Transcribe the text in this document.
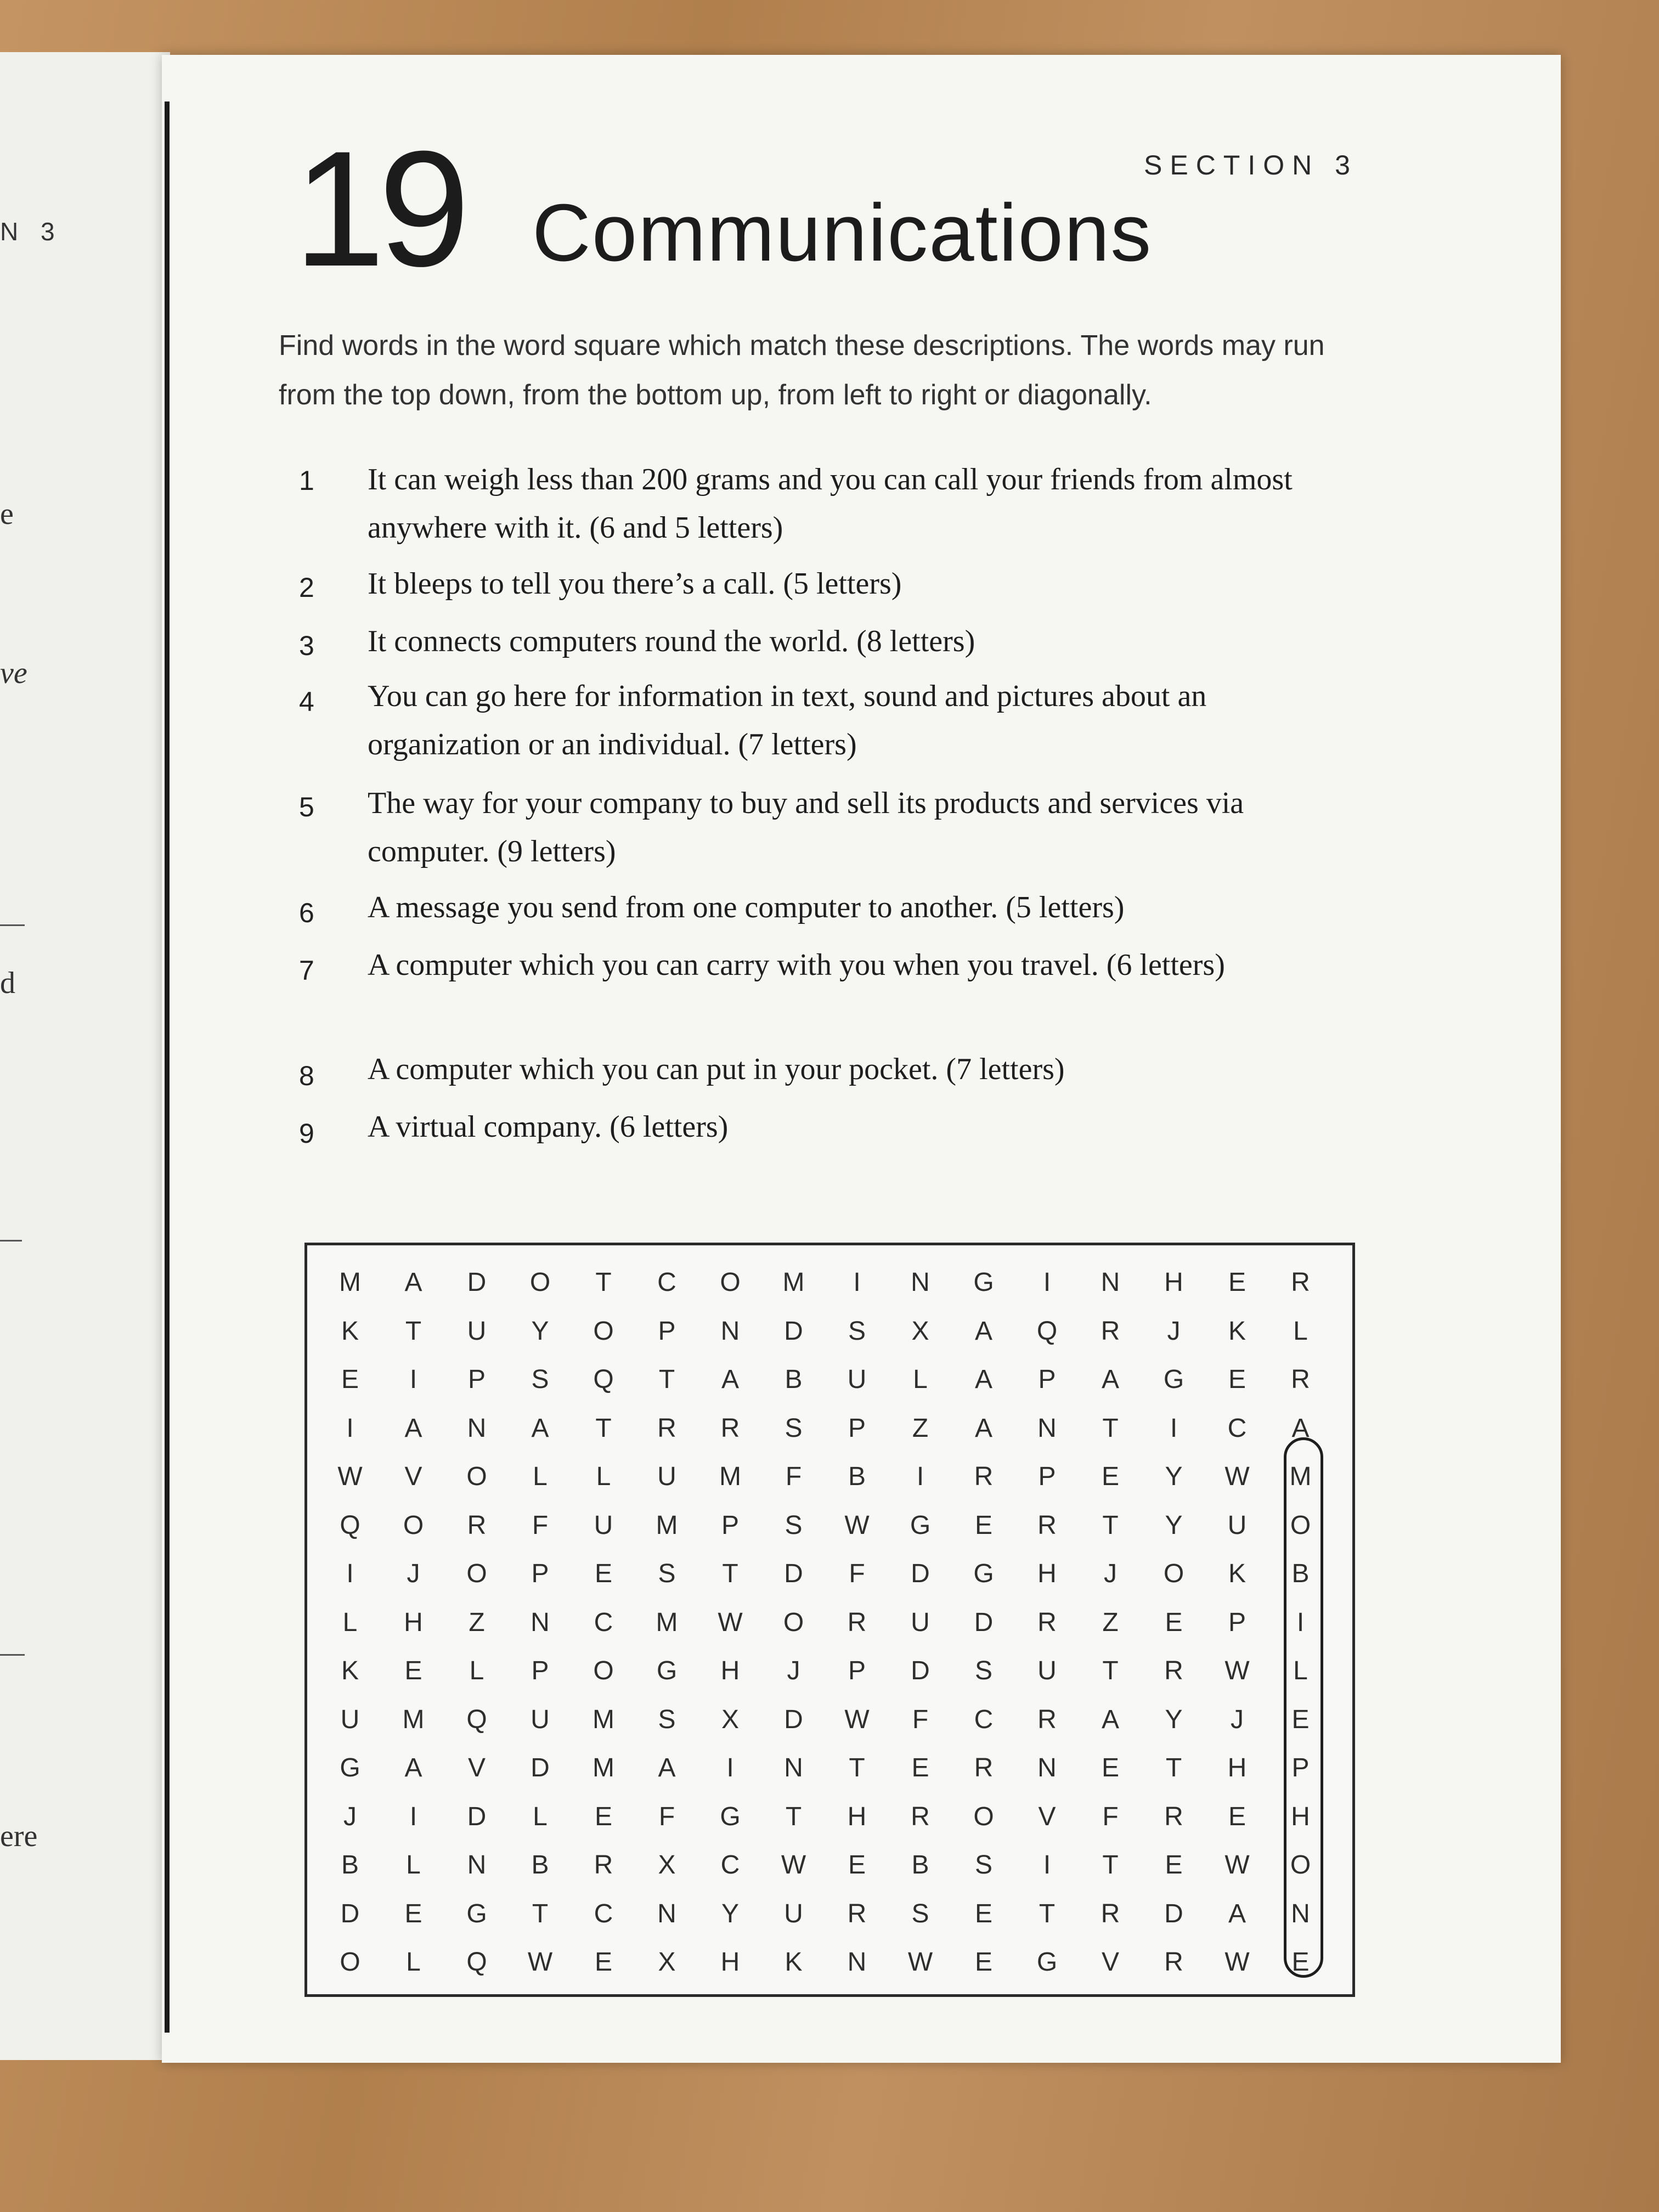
N 3
e
ve
d
ere
SECTION 3
19 Communications
Find words in the word square which match these descriptions. The words may run from the top down, from the bottom up, from left to right or diagonally.
1 It can weigh less than 200 grams and you can call your friends from almost anywhere with it. (6 and 5 letters)
2 It bleeps to tell you there’s a call. (5 letters)
3 It connects computers round the world. (8 letters)
4 You can go here for information in text, sound and pictures about an organization or an individual. (7 letters)
5 The way for your company to buy and sell its products and services via computer. (9 letters)
6 A message you send from one computer to another. (5 letters)
7 A computer which you can carry with you when you travel. (6 letters)
8 A computer which you can put in your pocket. (7 letters)
9 A virtual company. (6 letters)
M	A	D	O	T	C	O	M	I	N	G	I	N	H	E	R
K	T	U	Y	O	P	N	D	S	X	A	Q	R	J	K	L
E	I	P	S	Q	T	A	B	U	L	A	P	A	G	E	R
I	A	N	A	T	R	R	S	P	Z	A	N	T	I	C	A
W	V	O	L	L	U	M	F	B	I	R	P	E	Y	W	M
Q	O	R	F	U	M	P	S	W	G	E	R	T	Y	U	O
I	J	O	P	E	S	T	D	F	D	G	H	J	O	K	B
L	H	Z	N	C	M	W	O	R	U	D	R	Z	E	P	I
K	E	L	P	O	G	H	J	P	D	S	U	T	R	W	L
U	M	Q	U	M	S	X	D	W	F	C	R	A	Y	J	E
G	A	V	D	M	A	I	N	T	E	R	N	E	T	H	P
J	I	D	L	E	F	G	T	H	R	O	V	F	R	E	H
B	L	N	B	R	X	C	W	E	B	S	I	T	E	W	O
D	E	G	T	C	N	Y	U	R	S	E	T	R	D	A	N
O	L	Q	W	E	X	H	K	N	W	E	G	V	R	W	E
